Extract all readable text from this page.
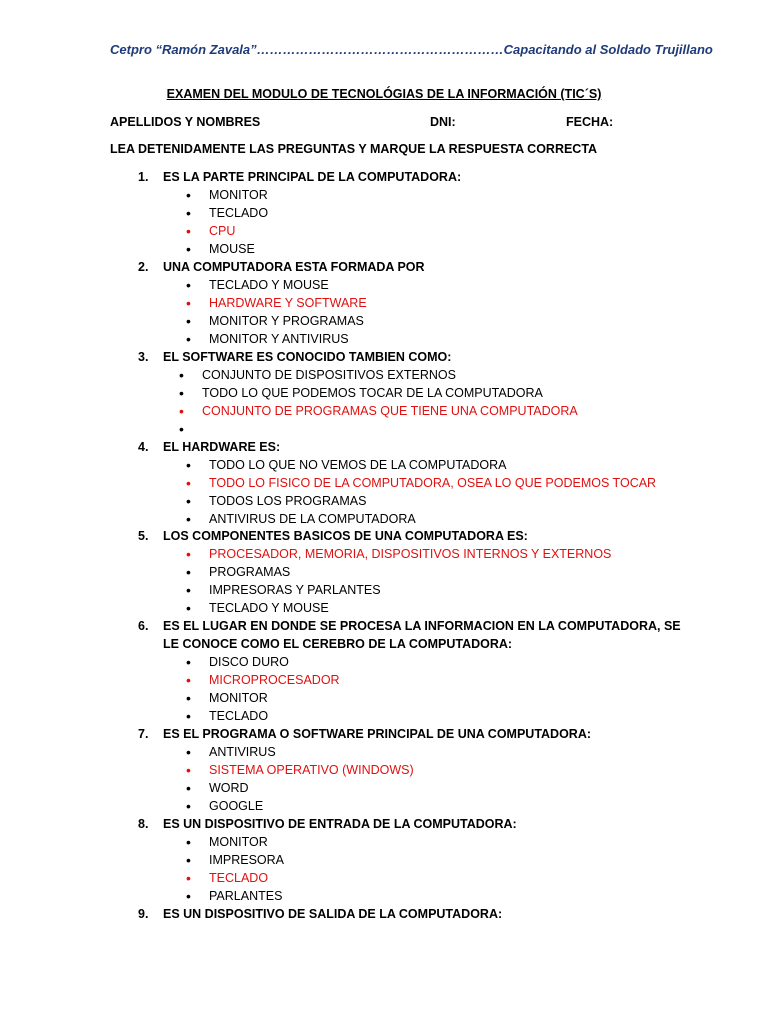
Cetpro “Ramón Zavala”…………………………………………………Capacitando al Soldado Trujillano
EXAMEN DEL MODULO DE TECNOLÓGIAS DE LA INFORMACIÓN (TIC´S)
APELLIDOS Y NOMBRES	DNI:	FECHA:
LEA DETENIDAMENTE LAS PREGUNTAS Y MARQUE LA RESPUESTA CORRECTA
1. ES LA PARTE PRINCIPAL DE LA COMPUTADORA:
• MONITOR
• TECLADO
• CPU
• MOUSE
2. UNA COMPUTADORA ESTA FORMADA POR
• TECLADO Y MOUSE
• HARDWARE Y SOFTWARE
• MONITOR Y PROGRAMAS
• MONITOR Y ANTIVIRUS
3. EL SOFTWARE ES CONOCIDO TAMBIEN COMO:
• CONJUNTO DE DISPOSITIVOS EXTERNOS
• TODO LO QUE PODEMOS TOCAR DE LA COMPUTADORA
• CONJUNTO DE PROGRAMAS QUE TIENE UNA COMPUTADORA
•
4. EL HARDWARE ES:
• TODO LO QUE NO VEMOS DE LA COMPUTADORA
• TODO LO FISICO DE LA COMPUTADORA, OSEA LO QUE PODEMOS TOCAR
• TODOS LOS PROGRAMAS
• ANTIVIRUS DE LA COMPUTADORA
5. LOS COMPONENTES BASICOS DE UNA COMPUTADORA ES:
• PROCESADOR, MEMORIA, DISPOSITIVOS INTERNOS Y EXTERNOS
• PROGRAMAS
• IMPRESORAS Y PARLANTES
• TECLADO Y MOUSE
6. ES EL LUGAR EN DONDE SE PROCESA LA INFORMACION EN LA COMPUTADORA, SE
LE CONOCE COMO EL CEREBRO DE LA COMPUTADORA:
• DISCO DURO
• MICROPROCESADOR
• MONITOR
• TECLADO
7. ES EL PROGRAMA O SOFTWARE PRINCIPAL DE UNA COMPUTADORA:
• ANTIVIRUS
• SISTEMA OPERATIVO (WINDOWS)
• WORD
• GOOGLE
8. ES UN DISPOSITIVO DE ENTRADA DE LA COMPUTADORA:
• MONITOR
• IMPRESORA
• TECLADO
• PARLANTES
9. ES UN DISPOSITIVO DE SALIDA DE LA COMPUTADORA:
